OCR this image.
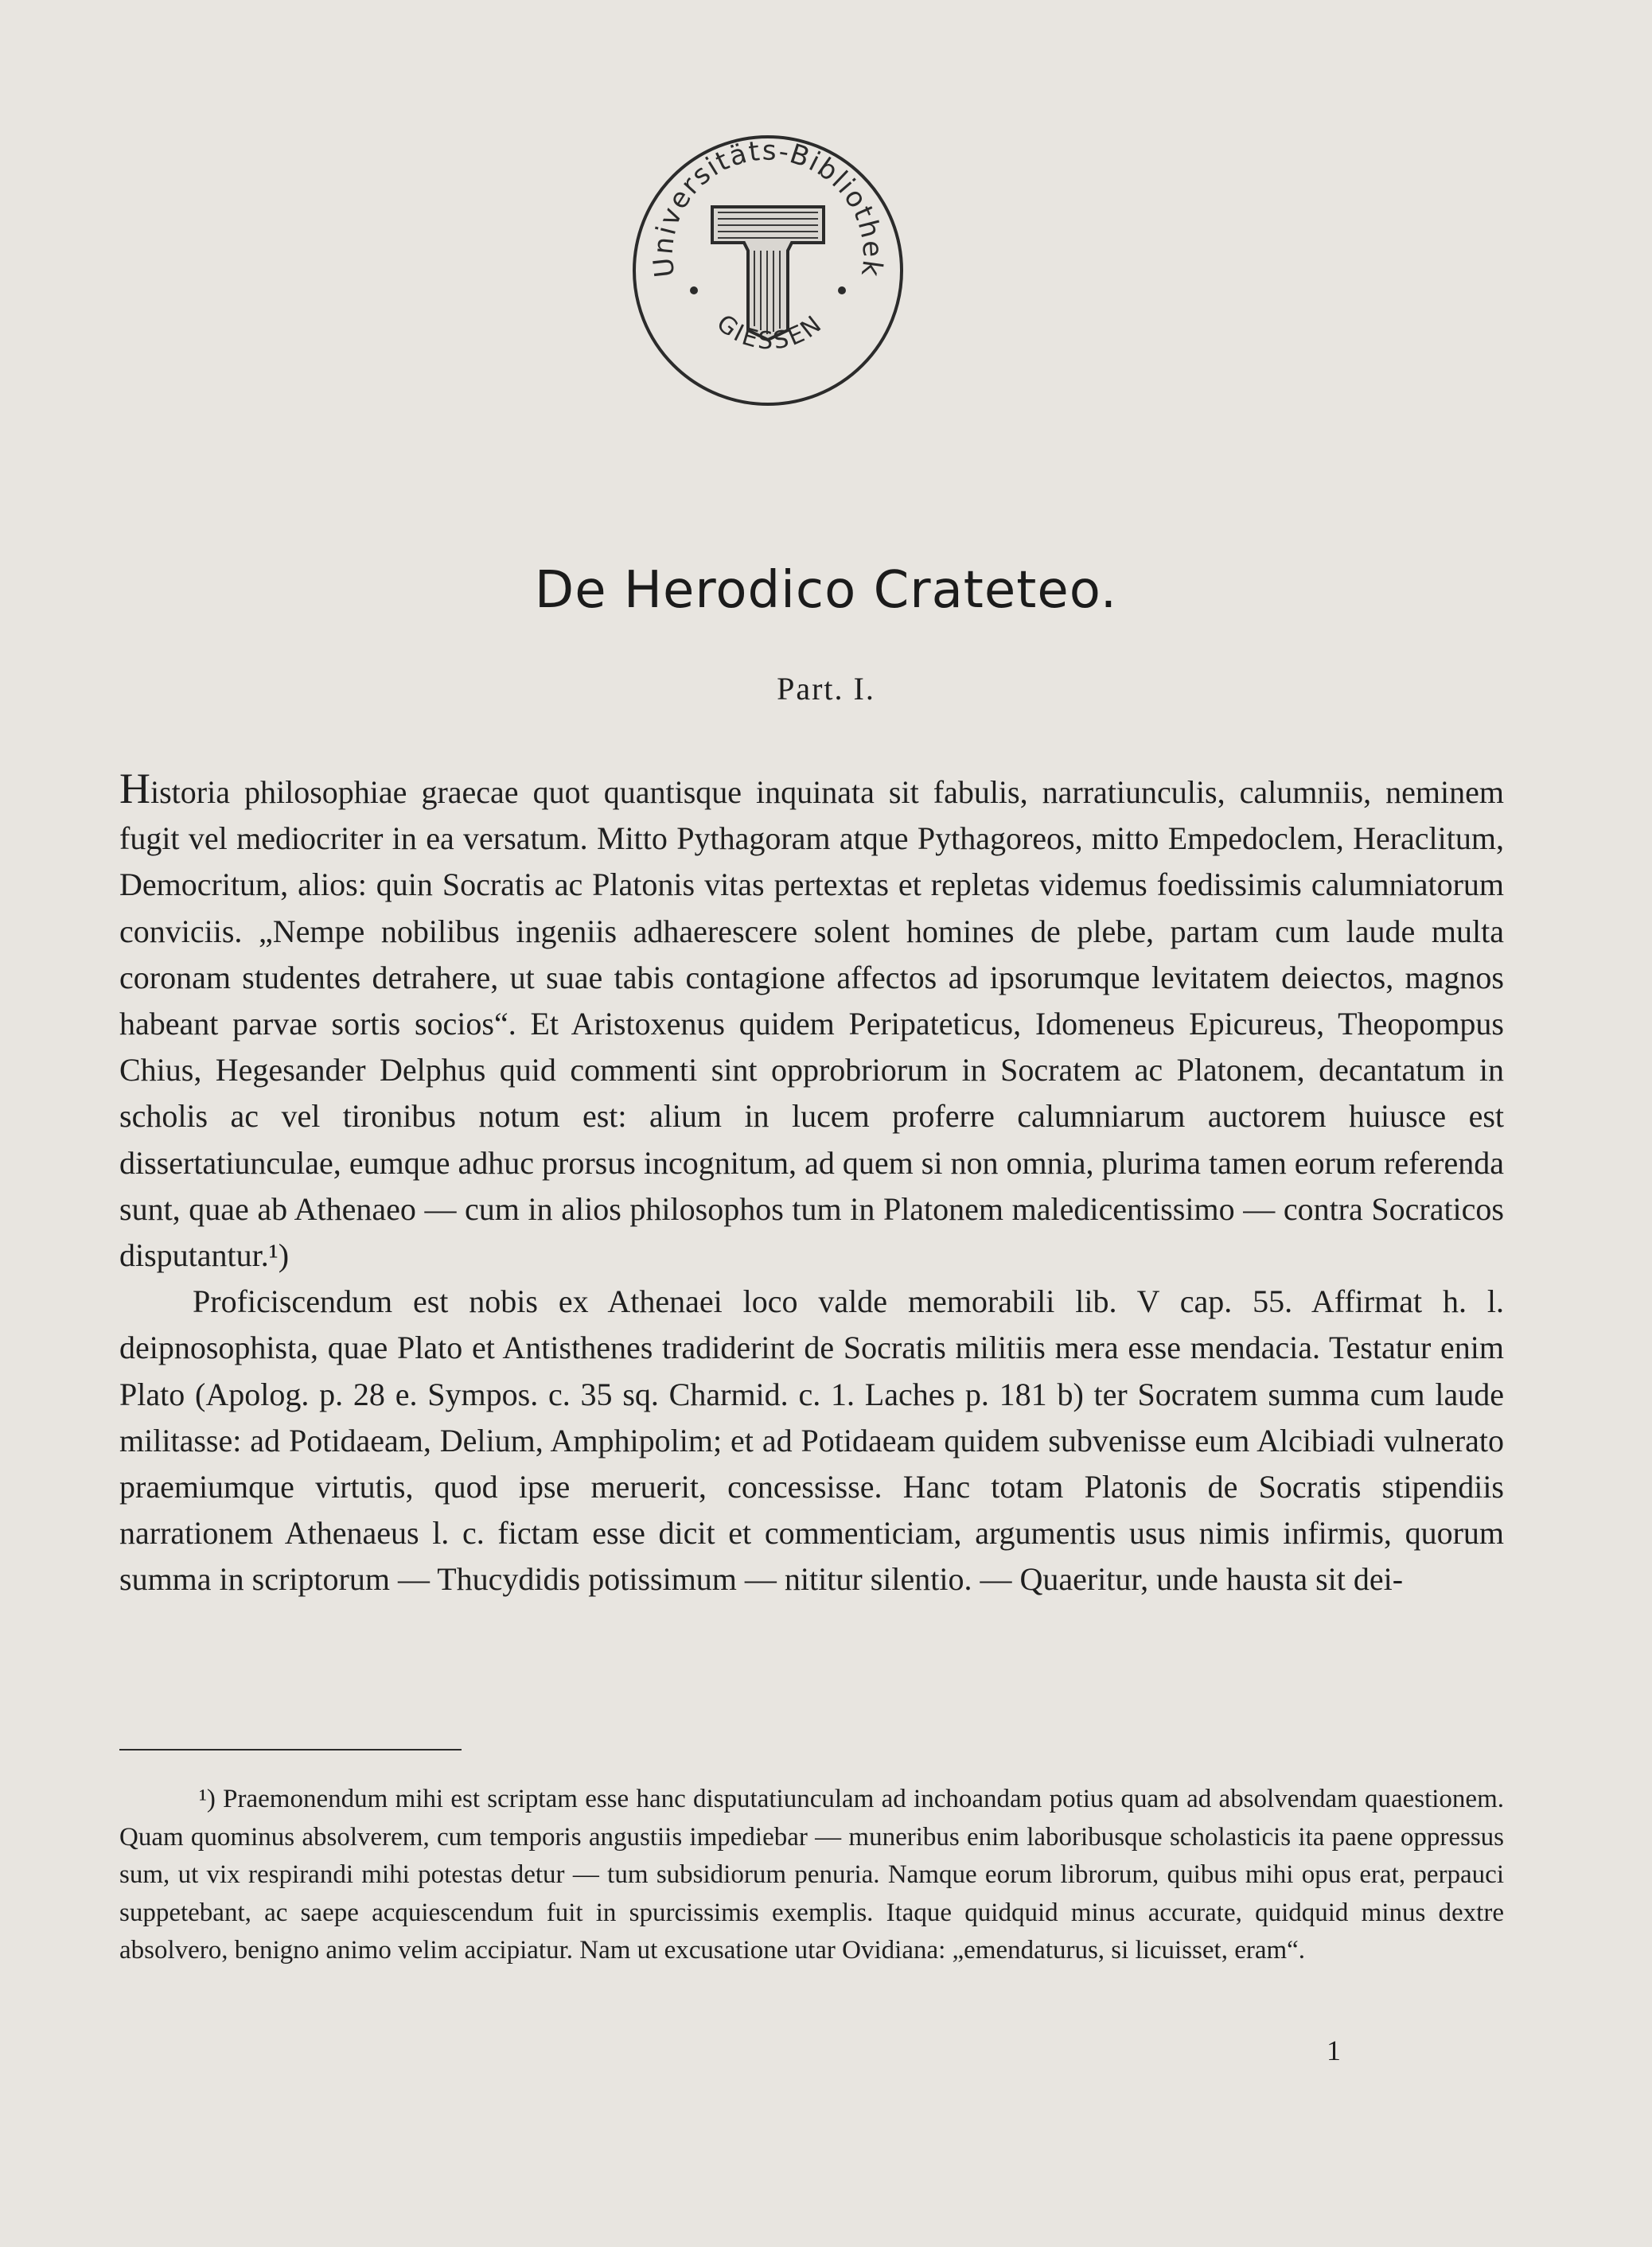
Universitäts-Bibliothek
GIESSEN
De Herodico Crateteo.
Part. I.

Historia philosophiae graecae quot quantisque inquinata sit fabulis, narratiunculis, calumniis, neminem fugit vel mediocriter in ea versatum. Mitto Pythagoram atque Pythagoreos, mitto Empedoclem, Heraclitum, Democritum, alios: quin Socratis ac Platonis vitas pertextas et repletas videmus foedissimis calumniatorum conviciis. „Nempe nobilibus ingeniis adhaerescere solent homines de plebe, partam cum laude multa coronam studentes detrahere, ut suae tabis contagione affectos ad ipsorumque levitatem deiectos, magnos habeant parvae sortis socios“. Et Aristoxenus quidem Peripateticus, Idomeneus Epicureus, Theopompus Chius, Hegesander Delphus quid commenti sint opprobriorum in Socratem ac Platonem, decantatum in scholis ac vel tironibus notum est: alium in lucem proferre calumniarum auctorem huiusce est dissertatiunculae, eumque adhuc prorsus incognitum, ad quem si non omnia, plurima tamen eorum referenda sunt, quae ab Athenaeo — cum in alios philosophos tum in Platonem maledicentissimo — contra Socraticos disputantur.¹)

Proficiscendum est nobis ex Athenaei loco valde memorabili lib. V cap. 55. Affirmat h. l. deipnosophista, quae Plato et Antisthenes tradiderint de Socratis militiis mera esse mendacia. Testatur enim Plato (Apolog. p. 28 e. Sympos. c. 35 sq. Charmid. c. 1. Laches p. 181 b) ter Socratem summa cum laude militasse: ad Potidaeam, Delium, Amphipolim; et ad Potidaeam quidem subvenisse eum Alcibiadi vulnerato praemiumque virtutis, quod ipse meruerit, concessisse. Hanc totam Platonis de Socratis stipendiis narrationem Athenaeus l. c. fictam esse dicit et commenticiam, argumentis usus nimis infirmis, quorum summa in scriptorum — Thucydidis potissimum — nititur silentio. — Quaeritur, unde hausta sit dei-

¹) Praemonendum mihi est scriptam esse hanc disputatiunculam ad inchoandam potius quam ad absolvendam quaestionem. Quam quominus absolverem, cum temporis angustiis impediebar — muneribus enim laboribusque scholasticis ita paene oppressus sum, ut vix respirandi mihi potestas detur — tum subsidiorum penuria. Namque eorum librorum, quibus mihi opus erat, perpauci suppetebant, ac saepe acquiescendum fuit in spurcissimis exemplis. Itaque quidquid minus accurate, quidquid minus dextre absolvero, benigno animo velim accipiatur. Nam ut excusatione utar Ovidiana: „emendaturus, si licuisset, eram“.

1
